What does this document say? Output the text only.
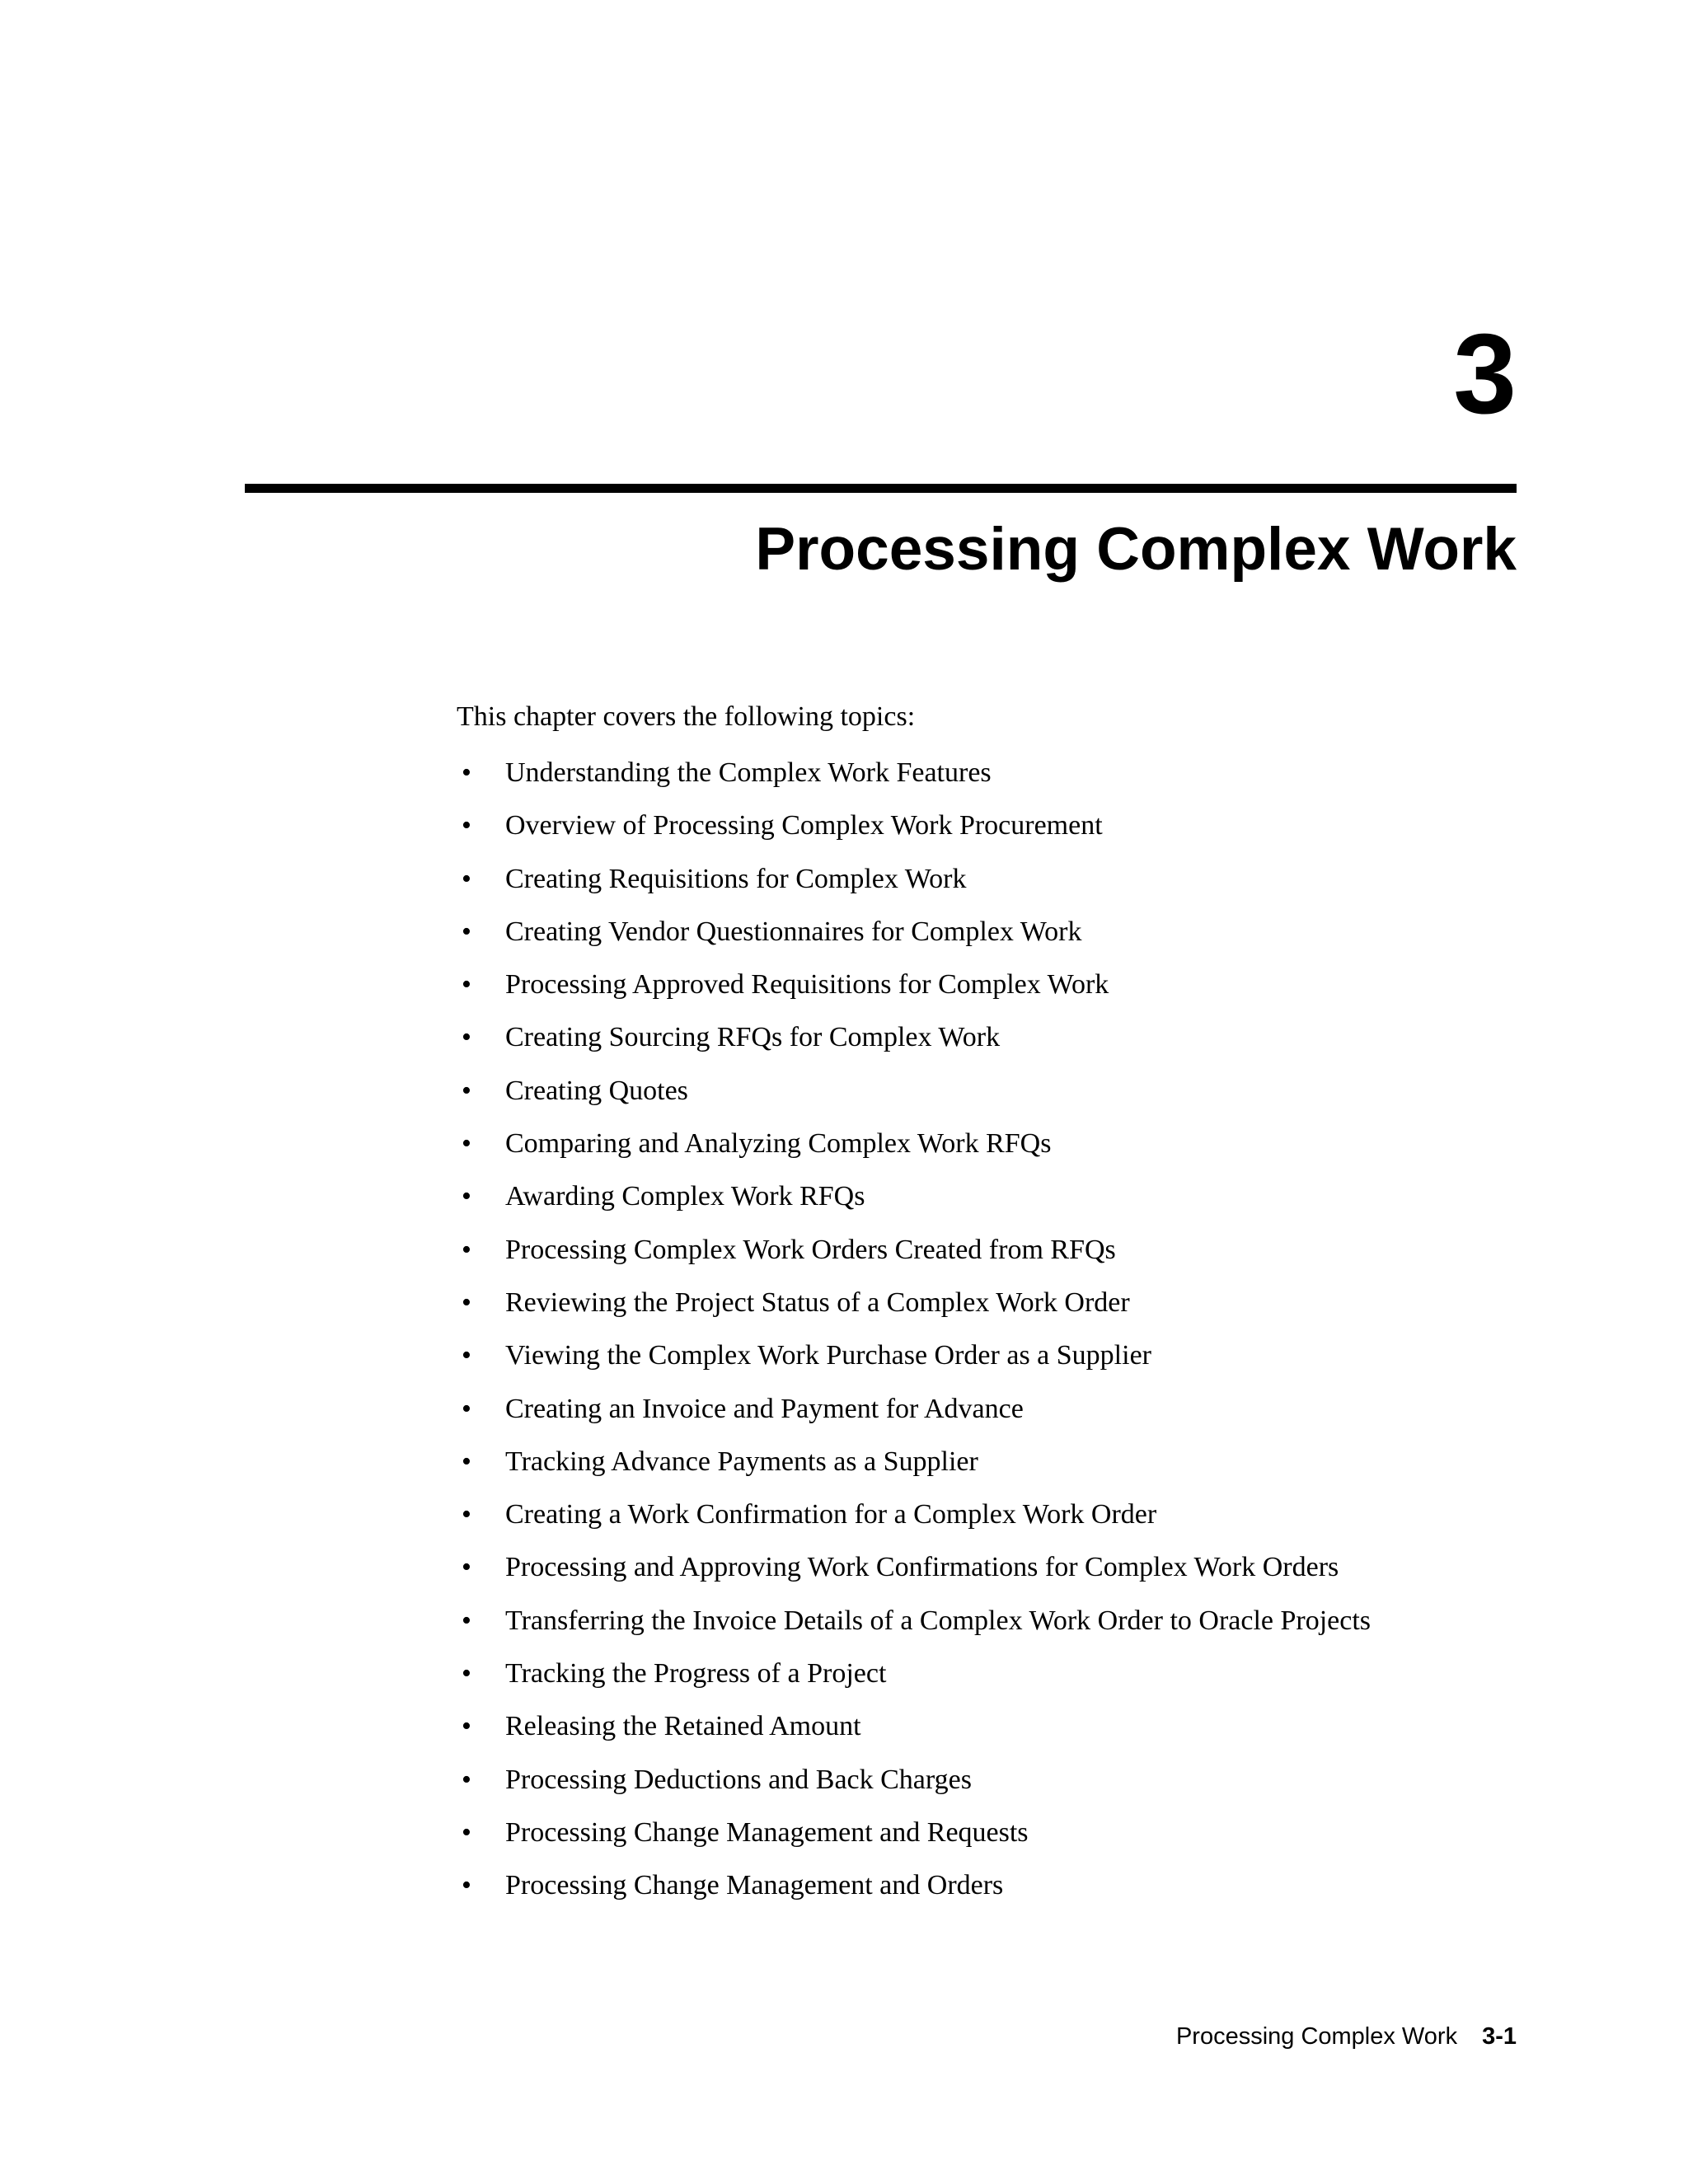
3
Processing Complex Work

This chapter covers the following topics:

• Understanding the Complex Work Features
• Overview of Processing Complex Work Procurement
• Creating Requisitions for Complex Work
• Creating Vendor Questionnaires for Complex Work
• Processing Approved Requisitions for Complex Work
• Creating Sourcing RFQs for Complex Work
• Creating Quotes
• Comparing and Analyzing Complex Work RFQs
• Awarding Complex Work RFQs
• Processing Complex Work Orders Created from RFQs
• Reviewing the Project Status of a Complex Work Order
• Viewing the Complex Work Purchase Order as a Supplier
• Creating an Invoice and Payment for Advance
• Tracking Advance Payments as a Supplier
• Creating a Work Confirmation for a Complex Work Order
• Processing and Approving Work Confirmations for Complex Work Orders
• Transferring the Invoice Details of a Complex Work Order to Oracle Projects
• Tracking the Progress of a Project
• Releasing the Retained Amount
• Processing Deductions and Back Charges
• Processing Change Management and Requests
• Processing Change Management and Orders
Processing Complex Work 3-1
